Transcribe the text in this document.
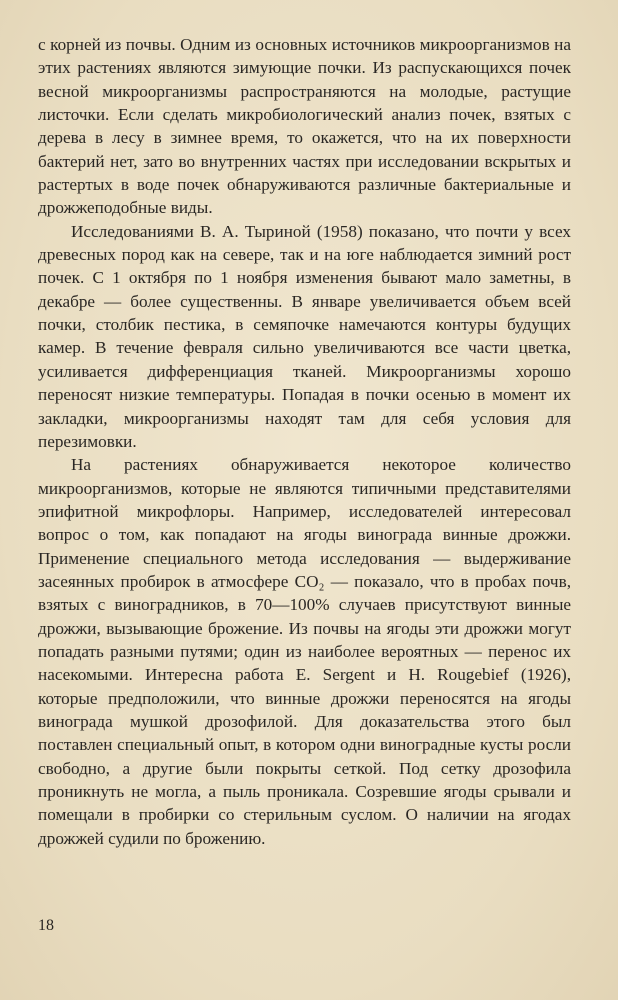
с корней из почвы. Одним из основных источников микроорганизмов на этих растениях являются зимующие почки. Из распускающихся почек весной микроорганизмы распространяются на молодые, растущие листочки. Если сделать микробиологический анализ почек, взятых с дерева в лесу в зимнее время, то окажется, что на их поверхности бактерий нет, зато во внутренних частях при исследовании вскрытых и растертых в воде почек обнаруживаются различные бактериальные и дрожжеподобные виды.

Исследованиями В. А. Тыриной (1958) показано, что почти у всех древесных пород как на севере, так и на юге наблюдается зимний рост почек. С 1 октября по 1 ноября изменения бывают мало заметны, в декабре — более существенны. В январе увеличивается объем всей почки, столбик пестика, в семяпочке намечаются контуры будущих камер. В течение февраля сильно увеличиваются все части цветка, усиливается дифференциация тканей. Микроорганизмы хорошо переносят низкие температуры. Попадая в почки осенью в момент их закладки, микроорганизмы находят там для себя условия для перезимовки.

На растениях обнаруживается некоторое количество микроорганизмов, которые не являются типичными представителями эпифитной микрофлоры. Например, исследователей интересовал вопрос о том, как попадают на ягоды винограда винные дрожжи. Применение специального метода исследования — выдерживание засеянных пробирок в атмосфере CO₂ — показало, что в пробах почв, взятых с виноградников, в 70—100% случаев присутствуют винные дрожжи, вызывающие брожение. Из почвы на ягоды эти дрожжи могут попадать разными путями; один из наиболее вероятных — перенос их насекомыми. Интересна работа E. Sergent и H. Rougebief (1926), которые предположили, что винные дрожжи переносятся на ягоды винограда мушкой дрозофилой. Для доказательства этого был поставлен специальный опыт, в котором одни виноградные кусты росли свободно, а другие были покрыты сеткой. Под сетку дрозофила проникнуть не могла, а пыль проникала. Созревшие ягоды срывали и помещали в пробирки со стерильным суслом. О наличии на ягодах дрожжей судили по брожению.

18
